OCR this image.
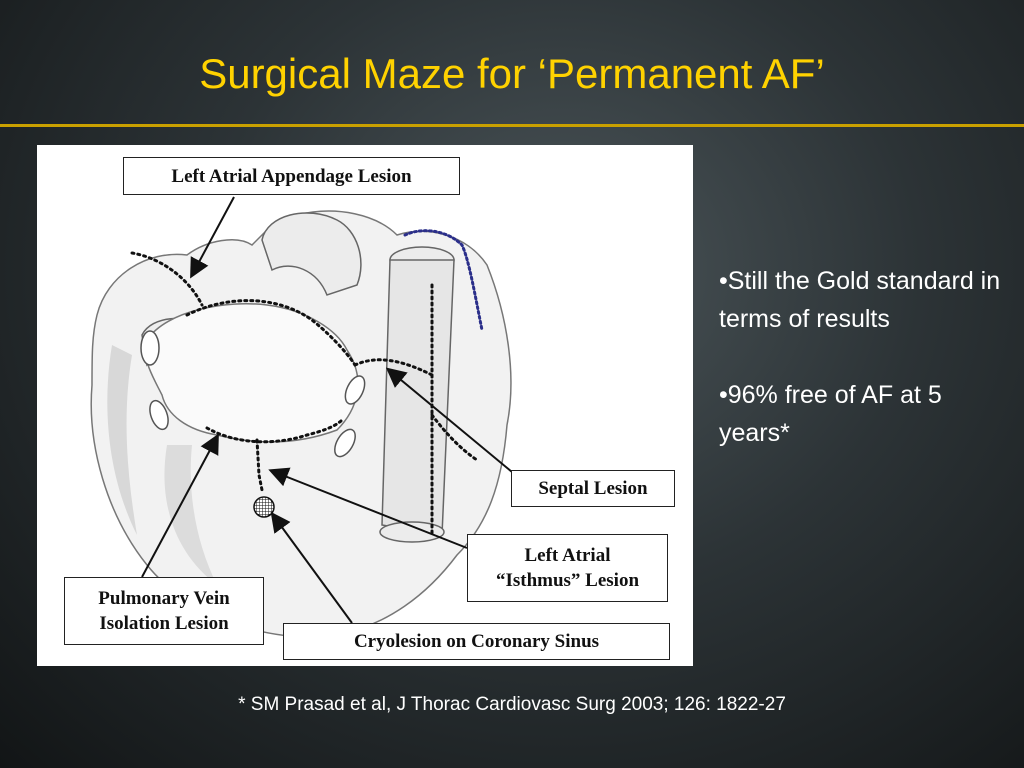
Surgical Maze for ‘Permanent AF’
Left Atrial Appendage Lesion
Septal Lesion
Left Atrial
“Isthmus” Lesion
Pulmonary Vein
Isolation Lesion
Cryolesion on Coronary Sinus
•Still the Gold standard in terms of results
•96% free of AF at 5 years*
* SM Prasad et al, J Thorac Cardiovasc Surg 2003; 126: 1822-27
